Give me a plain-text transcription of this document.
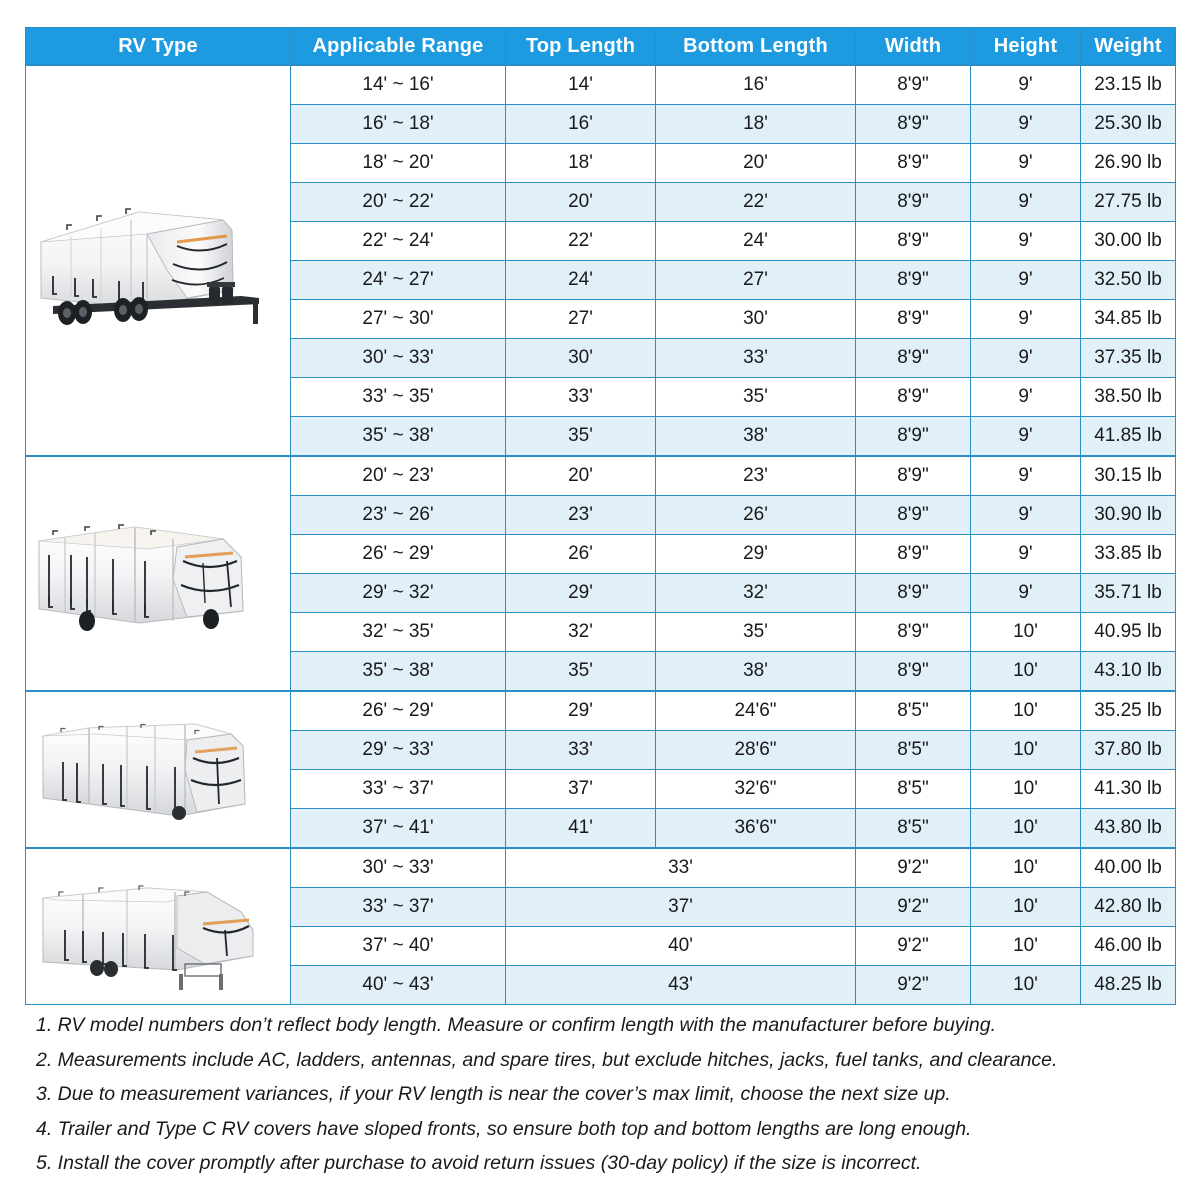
RV Type	Applicable Range	Top Length	Bottom Length	Width	Height	Weight

	14' ~ 16'	14'	16'	8'9"	9'	23.15 lb
	16' ~ 18'	16'	18'	8'9"	9'	25.30 lb
	18' ~ 20'	18'	20'	8'9"	9'	26.90 lb
	20' ~ 22'	20'	22'	8'9"	9'	27.75 lb
	22' ~ 24'	22'	24'	8'9"	9'	30.00 lb
	24' ~ 27'	24'	27'	8'9"	9'	32.50 lb
	27' ~ 30'	27'	30'	8'9"	9'	34.85 lb
	30' ~ 33'	30'	33'	8'9"	9'	37.35 lb
	33' ~ 35'	33'	35'	8'9"	9'	38.50 lb
	35' ~ 38'	35'	38'	8'9"	9'	41.85 lb

	20' ~ 23'	20'	23'	8'9"	9'	30.15 lb
	23' ~ 26'	23'	26'	8'9"	9'	30.90 lb
	26' ~ 29'	26'	29'	8'9"	9'	33.85 lb
	29' ~ 32'	29'	32'	8'9"	9'	35.71 lb
	32' ~ 35'	32'	35'	8'9"	10'	40.95 lb
	35' ~ 38'	35'	38'	8'9"	10'	43.10 lb

	26' ~ 29'	29'	24'6"	8'5"	10'	35.25 lb
	29' ~ 33'	33'	28'6"	8'5"	10'	37.80 lb
	33' ~ 37'	37'	32'6"	8'5"	10'	41.30 lb
	37' ~ 41'	41'	36'6"	8'5"	10'	43.80 lb

	30' ~ 33'	33'		9'2"	10'	40.00 lb
	33' ~ 37'	37'		9'2"	10'	42.80 lb
	37' ~ 40'	40'		9'2"	10'	46.00 lb
	40' ~ 43'	43'		9'2"	10'	48.25 lb
1. RV model numbers don’t reflect body length. Measure or confirm length with the manufacturer before buying.
2. Measurements include AC, ladders, antennas, and spare tires, but exclude hitches, jacks, fuel tanks, and clearance.
3. Due to measurement variances, if your RV length is near the cover’s max limit, choose the next size up.
4. Trailer and Type C RV covers have sloped fronts, so ensure both top and bottom lengths are long enough.
5. Install the cover promptly after purchase to avoid return issues (30-day policy) if the size is incorrect.
